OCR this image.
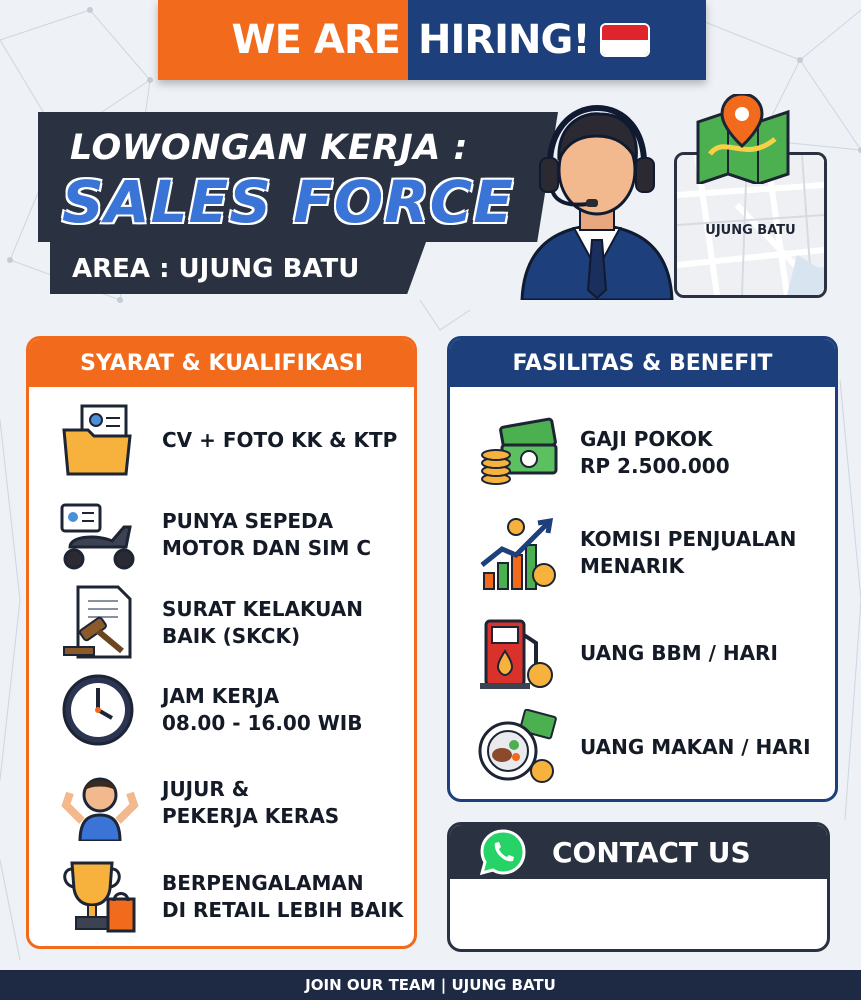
WE ARE HIRING!
LOWONGAN KERJA :
SALES FORCE
AREA : UJUNG BATU
UJUNG BATU
SYARAT & KUALIFIKASI
CV + FOTO KK & KTP
PUNYA SEPEDA
MOTOR DAN SIM C
SURAT KELAKUAN
BAIK (SKCK)
JAM KERJA
08.00 - 16.00 WIB
JUJUR &
PEKERJA KERAS
BERPENGALAMAN
DI RETAIL LEBIH BAIK
FASILITAS & BENEFIT
GAJI POKOK
RP 2.500.000
KOMISI PENJUALAN
MENARIK
UANG BBM / HARI
UANG MAKAN / HARI
CONTACT US
JOIN OUR TEAM | UJUNG BATU
